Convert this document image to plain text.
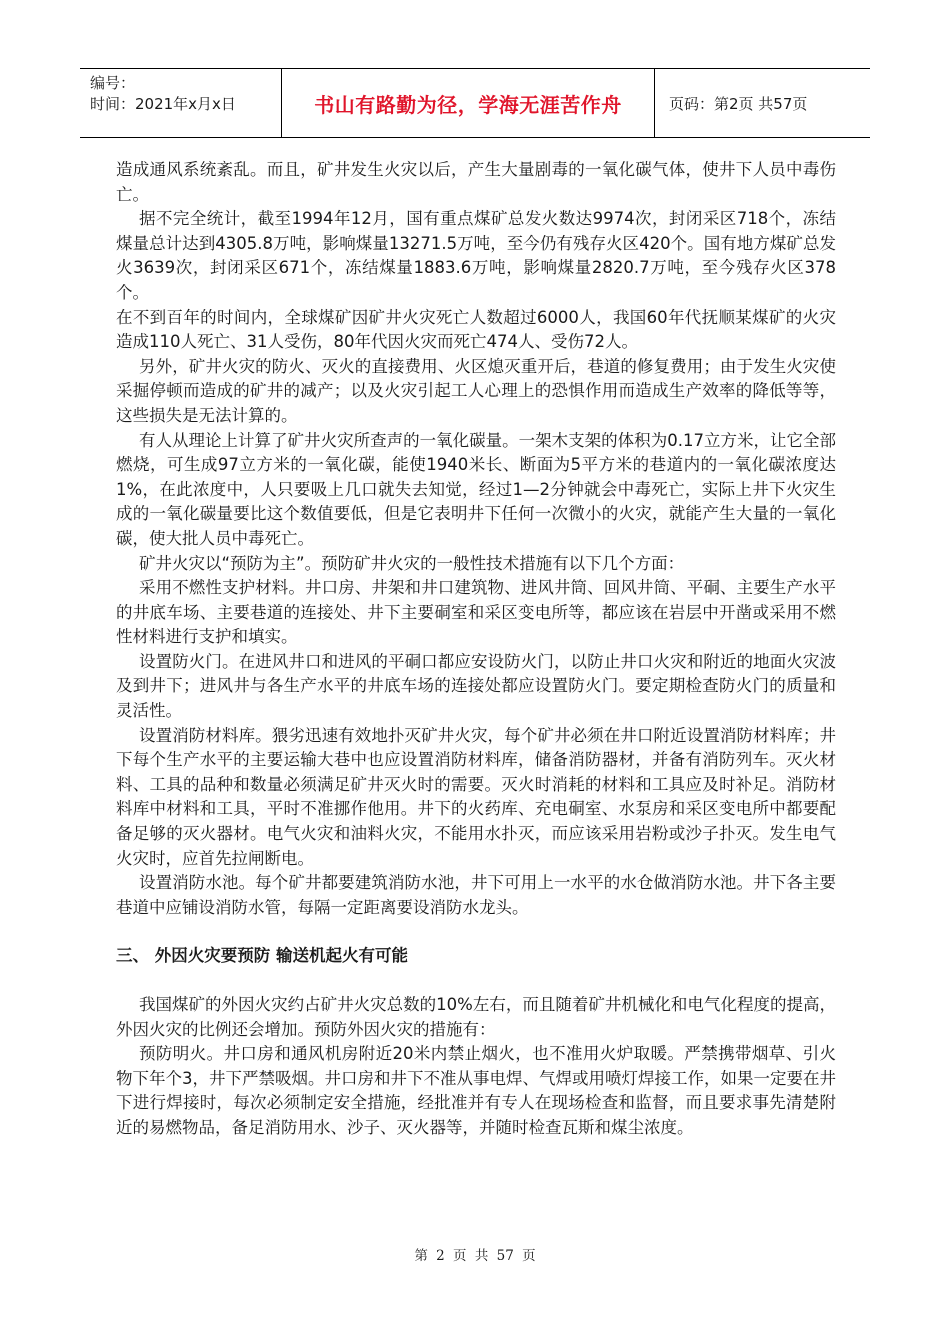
编号：
时间：2021年x月x日	书山有路勤为径，学海无涯苦作舟	页码：第2页 共57页

造成通风系统紊乱。而且，矿井发生火灾以后，产生大量剧毒的一氧化碳气体，使井下人员中毒伤亡。

据不完全统计，截至1994年12月，国有重点煤矿总发火数达9974次，封闭采区718个，冻结煤量总计达到4305.8万吨，影响煤量13271.5万吨，至今仍有残存火区420个。国有地方煤矿总发火3639次，封闭采区671个，冻结煤量1883.6万吨，影响煤量2820.7万吨，至今残存火区378个。

在不到百年的时间内，全球煤矿因矿井火灾死亡人数超过6000人，我国60年代抚顺某煤矿的火灾造成110人死亡、31人受伤，80年代因火灾而死亡474人、受伤72人。

另外，矿井火灾的防火、灭火的直接费用、火区熄灭重开后，巷道的修复费用；由于发生火灾使采掘停顿而造成的矿井的减产；以及火灾引起工人心理上的恐惧作用而造成生产效率的降低等等，这些损失是无法计算的。

有人从理论上计算了矿井火灾所查声的一氧化碳量。一架木支架的体积为0.17立方米，让它全部燃烧，可生成97立方米的一氧化碳，能使1940米长、断面为5平方米的巷道内的一氧化碳浓度达1%，在此浓度中，人只要吸上几口就失去知觉，经过1—2分钟就会中毒死亡，实际上井下火灾生成的一氧化碳量要比这个数值要低，但是它表明井下任何一次微小的火灾，就能产生大量的一氧化碳，使大批人员中毒死亡。

矿井火灾以“预防为主”。预防矿井火灾的一般性技术措施有以下几个方面：

采用不燃性支护材料。井口房、井架和井口建筑物、进风井筒、回风井筒、平硐、主要生产水平的井底车场、主要巷道的连接处、井下主要硐室和采区变电所等，都应该在岩层中开凿或采用不燃性材料进行支护和填实。

设置防火门。在进风井口和进风的平硐口都应安设防火门，以防止井口火灾和附近的地面火灾波及到井下；进风井与各生产水平的井底车场的连接处都应设置防火门。要定期检查防火门的质量和灵活性。

设置消防材料库。猥劣迅速有效地扑灭矿井火灾，每个矿井必须在井口附近设置消防材料库；井下每个生产水平的主要运输大巷中也应设置消防材料库，储备消防器材，并备有消防列车。灭火材料、工具的品种和数量必须满足矿井灭火时的需要。灭火时消耗的材料和工具应及时补足。消防材料库中材料和工具，平时不准挪作他用。井下的火药库、充电硐室、水泵房和采区变电所中都要配备足够的灭火器材。电气火灾和油料火灾，不能用水扑灭，而应该采用岩粉或沙子扑灭。发生电气火灾时，应首先拉闸断电。

设置消防水池。每个矿井都要建筑消防水池，井下可用上一水平的水仓做消防水池。井下各主要巷道中应铺设消防水管，每隔一定距离要设消防水龙头。

三、 外因火灾要预防 输送机起火有可能

我国煤矿的外因火灾约占矿井火灾总数的10%左右，而且随着矿井机械化和电气化程度的提高，外因火灾的比例还会增加。预防外因火灾的措施有：

预防明火。井口房和通风机房附近20米内禁止烟火，也不准用火炉取暖。严禁携带烟草、引火物下年个3，井下严禁吸烟。井口房和井下不准从事电焊、气焊或用喷灯焊接工作，如果一定要在井下进行焊接时，每次必须制定安全措施，经批准并有专人在现场检查和监督，而且要求事先清楚附近的易燃物品，备足消防用水、沙子、灭火器等，并随时检查瓦斯和煤尘浓度。

第 2 页 共 57 页
